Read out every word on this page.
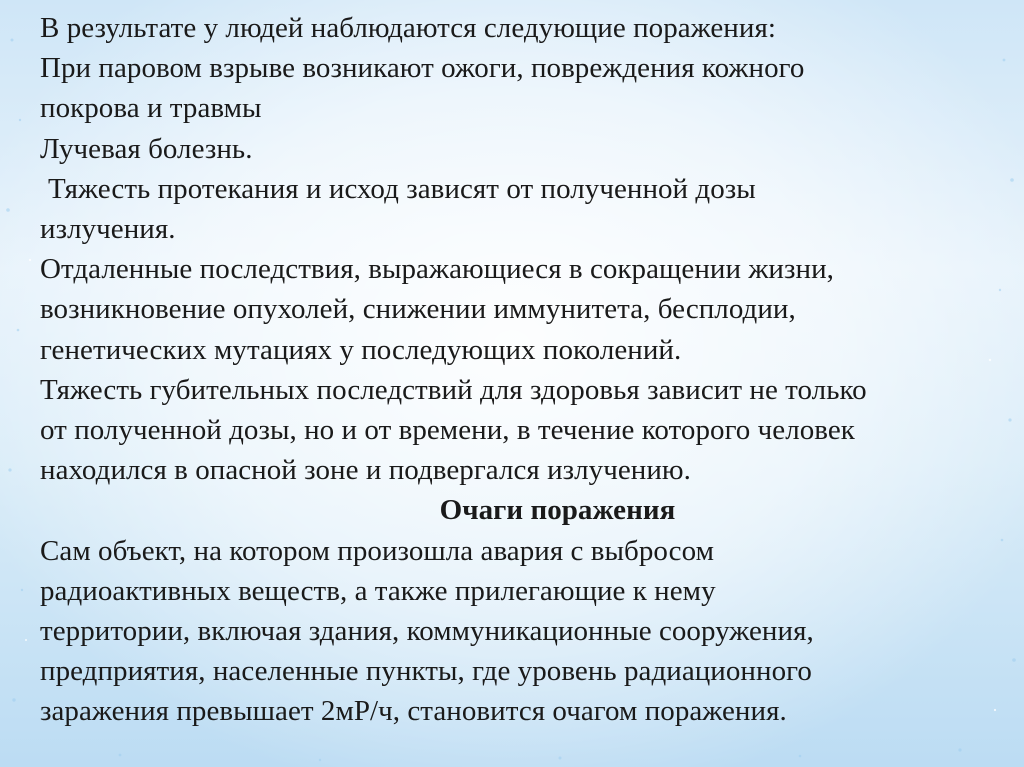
В результате у людей наблюдаются следующие поражения:
При паровом взрыве возникают ожоги, повреждения кожного
покрова и травмы
Лучевая болезнь.
Тяжесть протекания и исход зависят от полученной дозы
излучения.
Отдаленные последствия, выражающиеся в сокращении жизни,
возникновение опухолей, снижении иммунитета, бесплодии,
генетических мутациях у последующих поколений.
Тяжесть губительных последствий для здоровья зависит не только
от полученной дозы, но и от времени, в течение которого человек
находился в опасной зоне и подвергался излучению.
Очаги поражения
Сам объект, на котором произошла авария с выбросом
радиоактивных веществ, а также прилегающие к нему
территории, включая здания, коммуникационные сооружения,
предприятия, населенные пункты, где уровень радиационного
заражения превышает 2мР/ч, становится очагом поражения.
